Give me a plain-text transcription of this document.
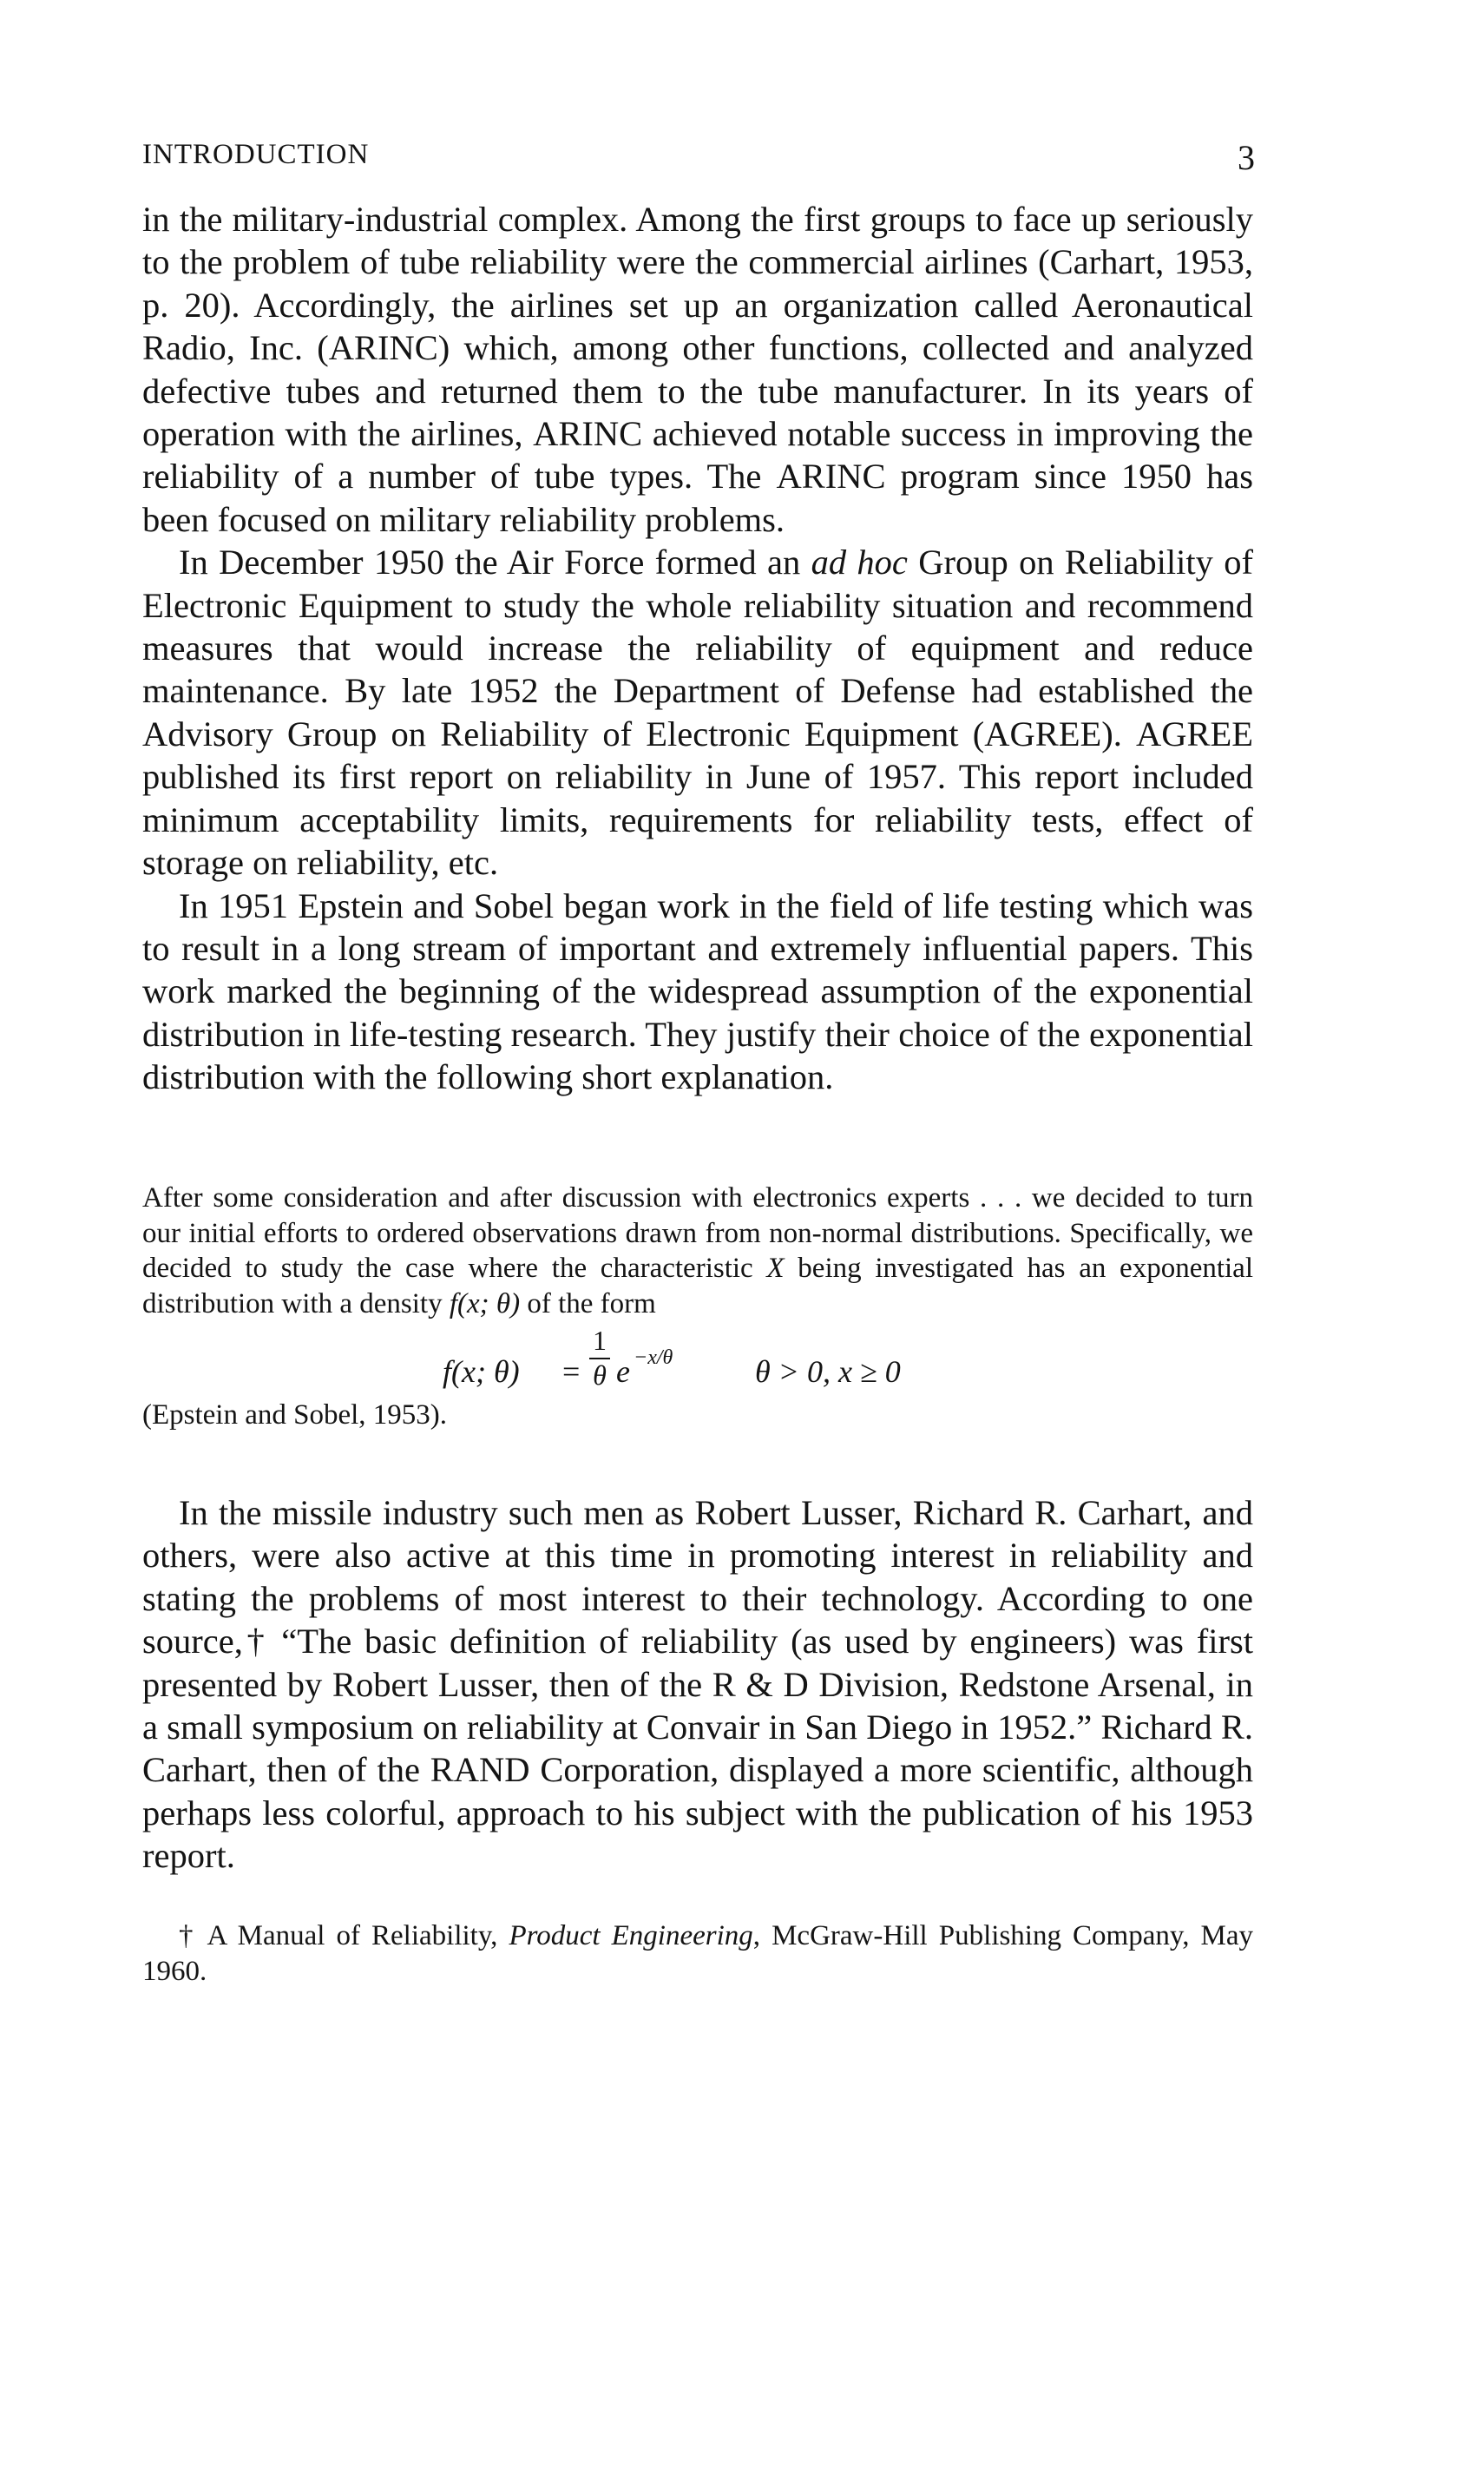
INTRODUCTION	3

in the military-industrial complex. Among the first groups to face up seriously to the problem of tube reliability were the commercial airlines (Carhart, 1953, p. 20). Accordingly, the airlines set up an organization called Aeronautical Radio, Inc. (ARINC) which, among other functions, collected and analyzed defective tubes and returned them to the tube manufacturer. In its years of operation with the airlines, ARINC achieved notable success in improving the reliability of a number of tube types. The ARINC program since 1950 has been focused on military reliability problems.

In December 1950 the Air Force formed an ad hoc Group on Reliability of Electronic Equipment to study the whole reliability situation and recommend measures that would increase the reliability of equipment and reduce maintenance. By late 1952 the Department of Defense had established the Advisory Group on Reliability of Electronic Equipment (AGREE). AGREE published its first report on reliability in June of 1957. This report included minimum acceptability limits, requirements for reliability tests, effect of storage on reliability, etc.

In 1951 Epstein and Sobel began work in the field of life testing which was to result in a long stream of important and extremely influential papers. This work marked the beginning of the widespread assumption of the exponential distribution in life-testing research. They justify their choice of the exponential distribution with the following short explanation.

After some consideration and after discussion with electronics experts . . . we decided to turn our initial efforts to ordered observations drawn from non-normal distributions. Specifically, we decided to study the case where the characteristic X being investigated has an exponential distribution with a density f(x; θ) of the form

f(x; $\theta) = \frac{1}{\theta}$ e −x/θ	θ > 0, x ≥ 0

(Epstein and Sobel, 1953).

In the missile industry such men as Robert Lusser, Richard R. Carhart, and others, were also active at this time in promoting interest in reliability and stating the problems of most interest to their technology. According to one source,† “The basic definition of reliability (as used by engineers) was first presented by Robert Lusser, then of the R & D Division, Redstone Arsenal, in a small symposium on reliability at Convair in San Diego in 1952.” Richard R. Carhart, then of the RAND Corporation, displayed a more scientific, although perhaps less colorful, approach to his subject with the publication of his 1953 report.

† A Manual of Reliability, Product Engineering, McGraw-Hill Publishing Company, May 1960.
